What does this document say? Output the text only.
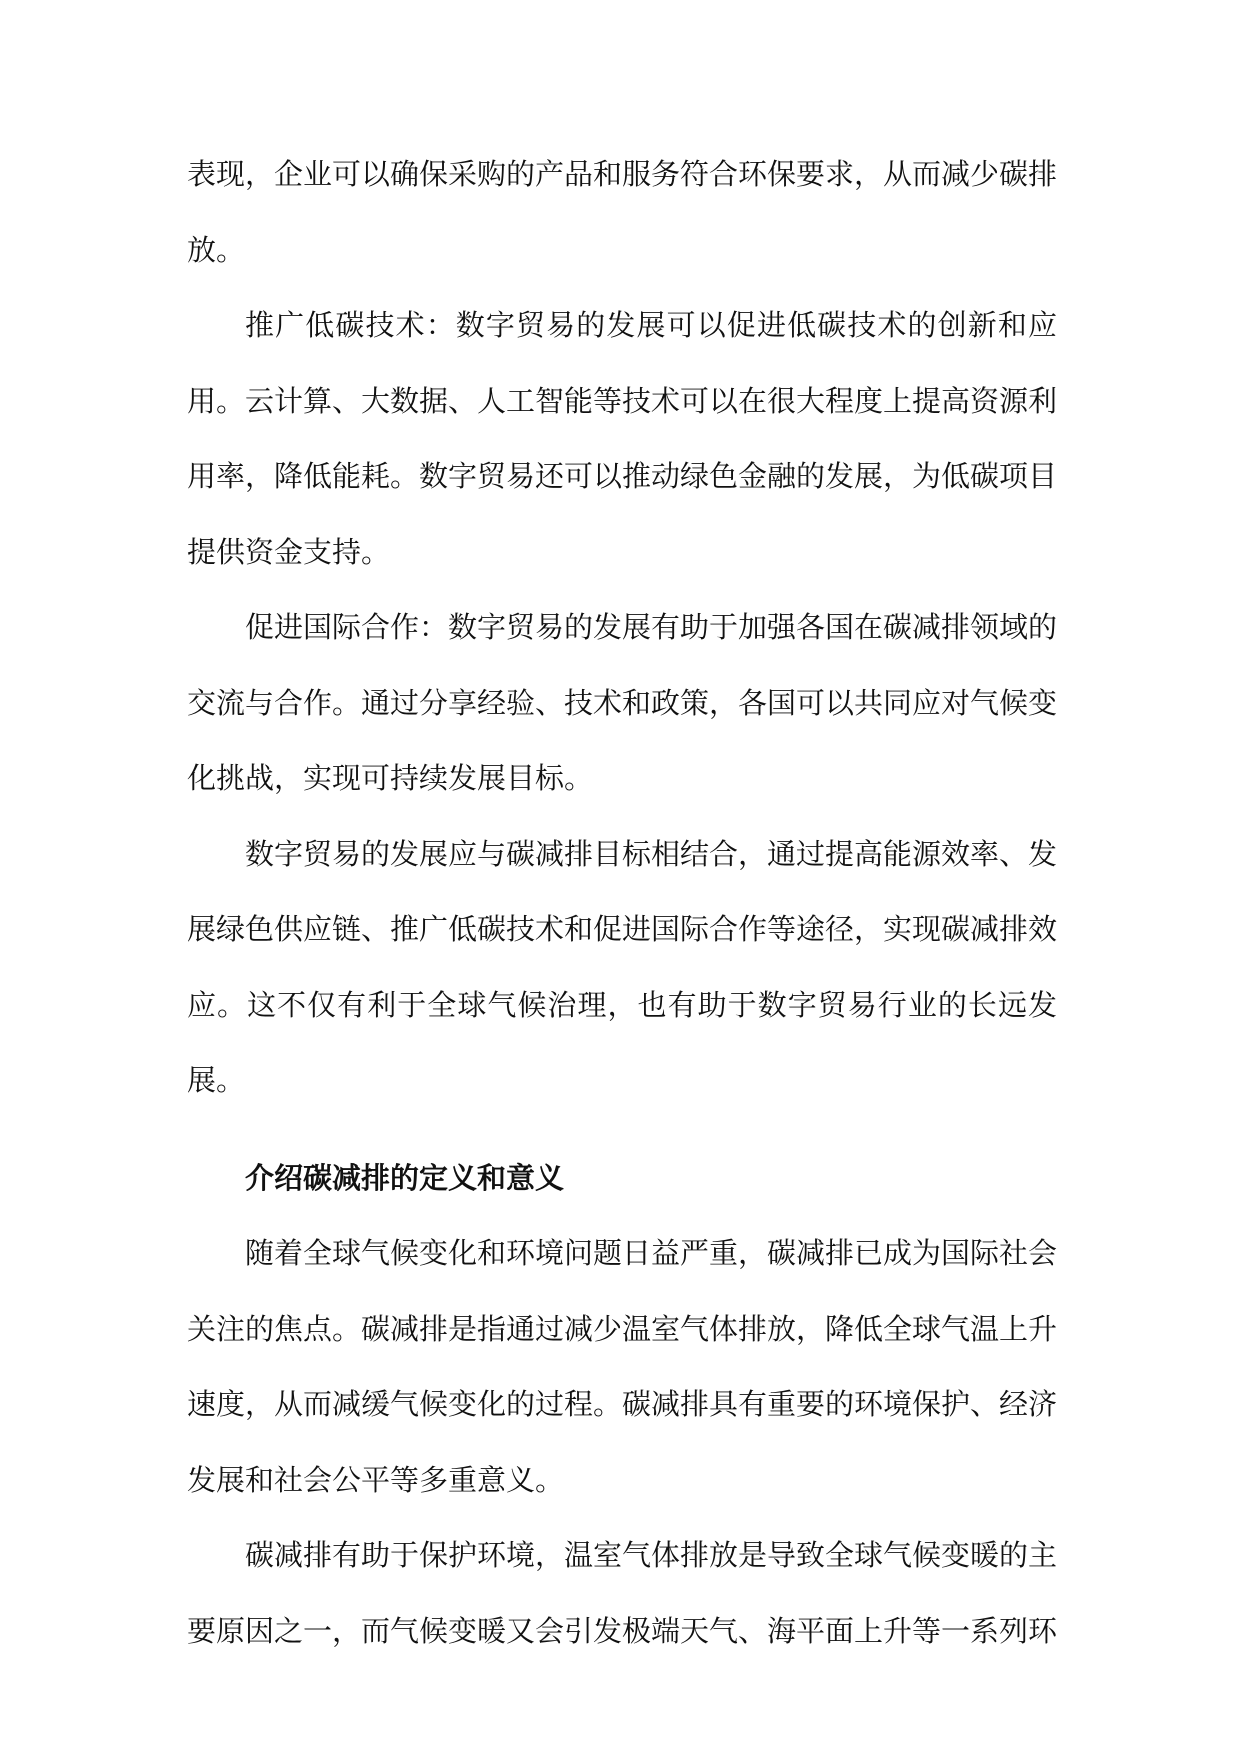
表现，企业可以确保采购的产品和服务符合环保要求，从而减少碳排放。

推广低碳技术：数字贸易的发展可以促进低碳技术的创新和应用。云计算、大数据、人工智能等技术可以在很大程度上提高资源利用率，降低能耗。数字贸易还可以推动绿色金融的发展，为低碳项目提供资金支持。

促进国际合作：数字贸易的发展有助于加强各国在碳减排领域的交流与合作。通过分享经验、技术和政策，各国可以共同应对气候变化挑战，实现可持续发展目标。

数字贸易的发展应与碳减排目标相结合，通过提高能源效率、发展绿色供应链、推广低碳技术和促进国际合作等途径，实现碳减排效应。这不仅有利于全球气候治理，也有助于数字贸易行业的长远发展。

介绍碳减排的定义和意义

随着全球气候变化和环境问题日益严重，碳减排已成为国际社会关注的焦点。碳减排是指通过减少温室气体排放，降低全球气温上升速度，从而减缓气候变化的过程。碳减排具有重要的环境保护、经济发展和社会公平等多重意义。

碳减排有助于保护环境，温室气体排放是导致全球气候变暖的主要原因之一，而气候变暖又会引发极端天气、海平面上升等一系列环
